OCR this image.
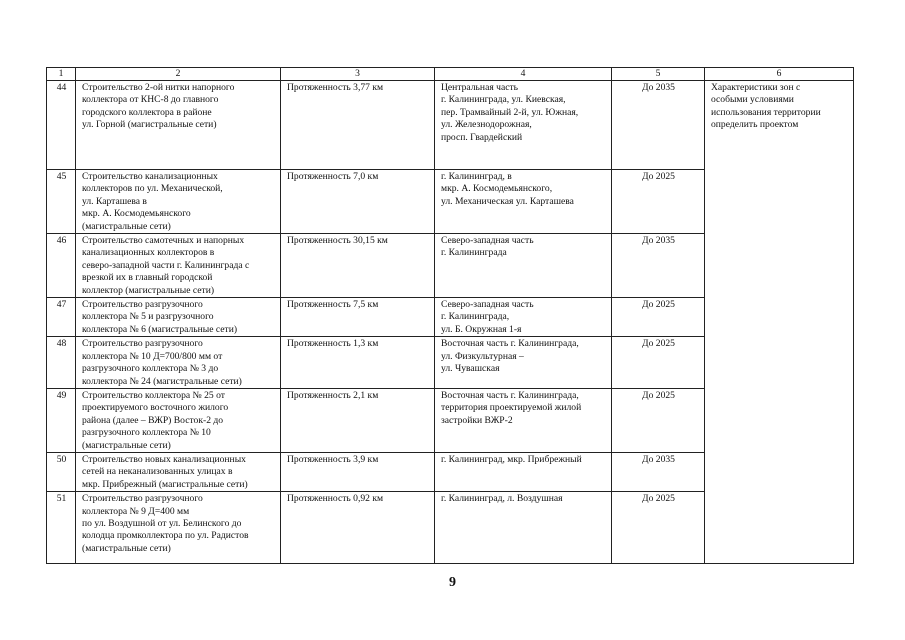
1	2	3	4	5	6
44	Строительство 2-ой нитки напорного
коллектора от КНС-8 до главного
городского коллектора в районе
ул. Горной (магистральные сети)	Протяженность 3,77 км	Центральная часть
г. Калининграда, ул. Киевская,
пер. Трамвайный 2-й, ул. Южная,
ул. Железнодорожная,
просп. Гвардейский	До 2035	Характеристики зон с
особыми условиями
использования территории
определить проектом

45	Строительство канализационных
коллекторов по ул. Механической,
ул. Карташева в
мкр. А. Космодемьянского
(магистральные сети)	Протяженность 7,0 км	г. Калининград, в
мкр. А. Космодемьянского,
ул. Механическая ул. Карташева	До 2025	
46	Строительство самотечных и напорных
канализационных коллекторов в
северо-западной части г. Калининграда с
врезкой их в главный городской
коллектор (магистральные сети)	Протяженность 30,15 км	Северо-западная часть
г. Калининграда	До 2035	
47	Строительство разгрузочного
коллектора № 5 и разгрузочного
коллектора № 6 (магистральные сети)	Протяженность 7,5 км	Северо-западная часть
г. Калининграда,
ул. Б. Окружная 1-я	До 2025	
48	Строительство разгрузочного
коллектора № 10 Д=700/800 мм от
разгрузочного коллектора № 3 до
коллектора № 24 (магистральные сети)	Протяженность 1,3 км	Восточная часть г. Калининграда,
ул. Физкультурная –
ул. Чувашская	До 2025	
49	Строительство коллектора № 25 от
проектируемого восточного жилого
района (далее – ВЖР) Восток-2 до
разгрузочного коллектора № 10
(магистральные сети)	Протяженность 2,1 км	Восточная часть г. Калининграда,
территория проектируемой жилой
застройки ВЖР-2	До 2025	
50	Строительство новых канализационных
сетей на неканализованных улицах в
мкр. Прибрежный (магистральные сети)	Протяженность 3,9 км	г. Калининград, мкр. Прибрежный	До 2035	
51	Строительство разгрузочного
коллектора № 9 Д=400 мм
по ул. Воздушной от ул. Белинского до
колодца промколлектора по ул. Радистов
(магистральные сети)	Протяженность 0,92 км	г. Калининград, л. Воздушная	До 2025	
9
